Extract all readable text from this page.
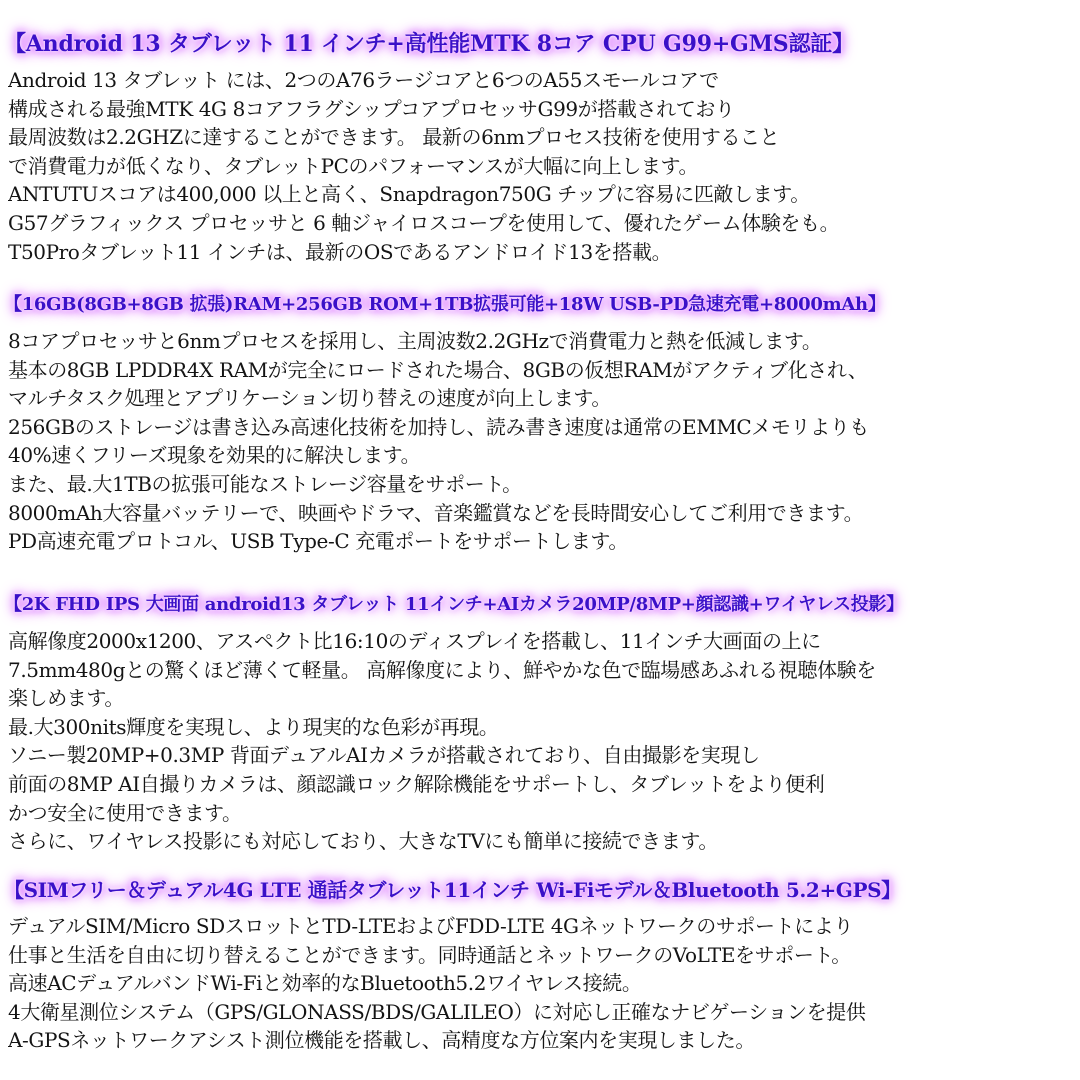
【Android 13 タブレット 11 インチ+高性能MTK 8コア CPU G99+GMS認証】
Android 13 タブレット には、2つのA76ラージコアと6つのA55スモールコアで
構成される最強MTK 4G 8コアフラグシップコアプロセッサG99が搭載されており
最周波数は2.2GHZに達することができます。 最新の6nmプロセス技術を使用すること
で消費電力が低くなり、タブレットPCのパフォーマンスが大幅に向上します。
ANTUTUスコアは400,000 以上と高く、Snapdragon750G チップに容易に匹敵します。
G57グラフィックス プロセッサと 6 軸ジャイロスコープを使用して、優れたゲーム体験をも。
T50Proタブレット11 インチは、最新のOSであるアンドロイド13を搭載。
【16GB(8GB+8GB 拡張)RAM+256GB ROM+1TB拡張可能+18W USB-PD急速充電+8000mAh】
8コアプロセッサと6nmプロセスを採用し、主周波数2.2GHzで消費電力と熱を低減します。
基本の8GB LPDDR4X RAMが完全にロードされた場合、8GBの仮想RAMがアクティブ化され、
マルチタスク処理とアプリケーション切り替えの速度が向上します。
256GBのストレージは書き込み高速化技術を加持し、読み書き速度は通常のEMMCメモリよりも
40%速くフリーズ現象を効果的に解決します。
また、最.大1TBの拡張可能なストレージ容量をサポート。
8000mAh大容量バッテリーで、映画やドラマ、音楽鑑賞などを長時間安心してご利用できます。
PD高速充電プロトコル、USB Type-C 充電ポートをサポートします。
【2K FHD IPS 大画面 android13 タブレット 11インチ+AIカメラ20MP/8MP+顔認識+ワイヤレス投影】
高解像度2000x1200、アスペクト比16:10のディスプレイを搭載し、11インチ大画面の上に
7.5mm480gとの驚くほど薄くて軽量。 高解像度により、鮮やかな色で臨場感あふれる視聴体験を
楽しめます。
最.大300nits輝度を実現し、より現実的な色彩が再現。
ソニー製20MP+0.3MP 背面デュアルAIカメラが搭載されており、自由撮影を実現し
前面の8MP AI自撮りカメラは、顔認識ロック解除機能をサポートし、タブレットをより便利
かつ安全に使用できます。
さらに、ワイヤレス投影にも対応しており、大きなTVにも簡単に接続できます。
【SIMフリー＆デュアル4G LTE 通話タブレット11インチ Wi-Fiモデル＆Bluetooth 5.2+GPS】
デュアルSIM/Micro SDスロットとTD-LTEおよびFDD-LTE 4Gネットワークのサポートにより
仕事と生活を自由に切り替えることができます。同時通話とネットワークのVoLTEをサポート。
高速ACデュアルバンドWi-Fiと効率的なBluetooth5.2ワイヤレス接続。
4大衛星測位システム（GPS/GLONASS/BDS/GALILEO）に対応し正確なナビゲーションを提供
A-GPSネットワークアシスト測位機能を搭載し、高精度な方位案内を実現しました。
